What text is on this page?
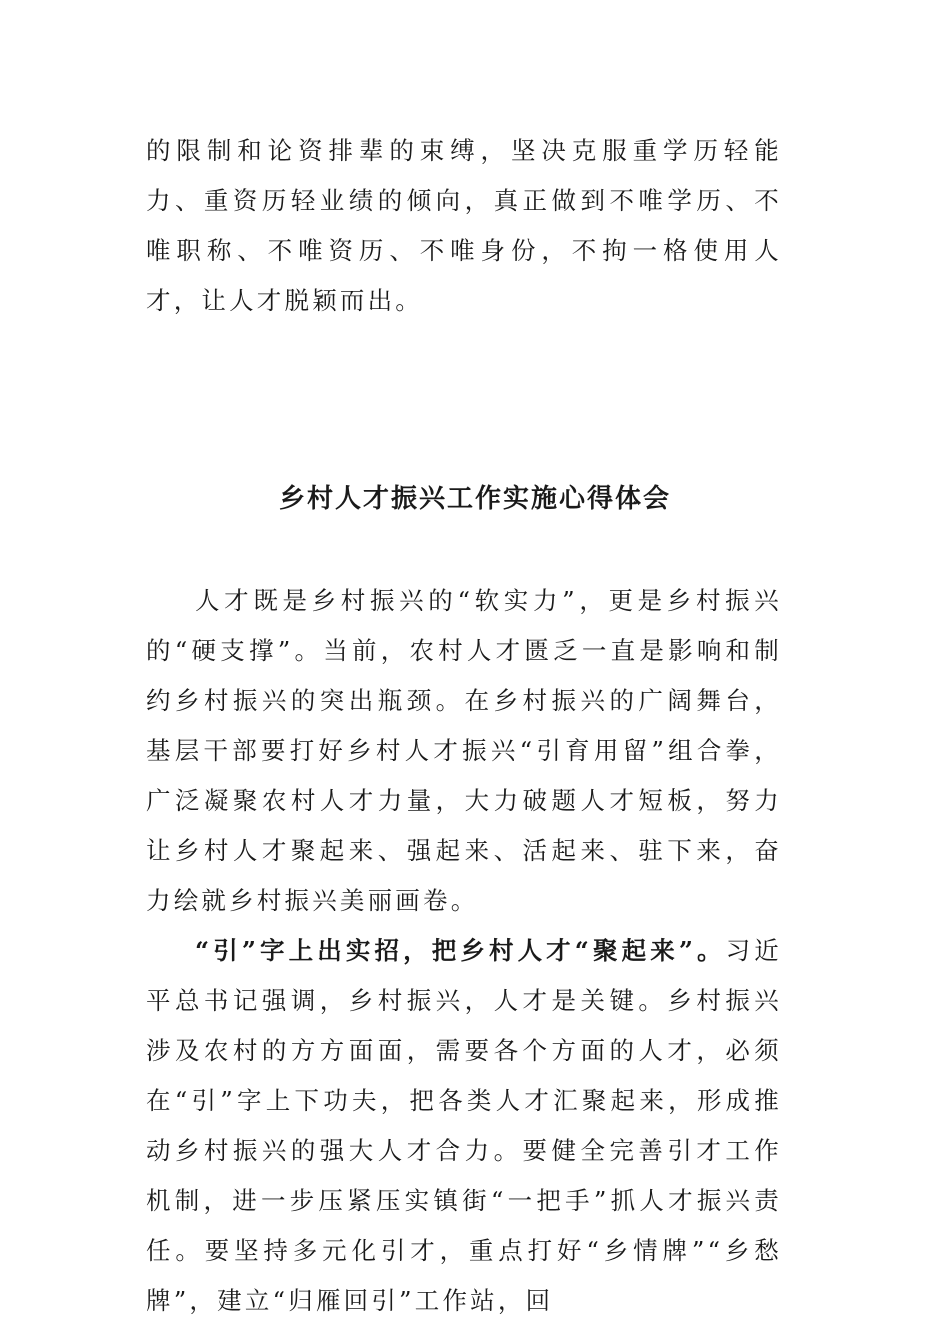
的限制和论资排辈的束缚，坚决克服重学历轻能力、重资历轻业绩的倾向，真正做到不唯学历、不唯职称、不唯资历、不唯身份，不拘一格使用人才，让人才脱颖而出。

乡村人才振兴工作实施心得体会

人才既是乡村振兴的“软实力”，更是乡村振兴的“硬支撑”。当前，农村人才匮乏一直是影响和制约乡村振兴的突出瓶颈。在乡村振兴的广阔舞台，基层干部要打好乡村人才振兴“引育用留”组合拳，广泛凝聚农村人才力量，大力破题人才短板，努力让乡村人才聚起来、强起来、活起来、驻下来，奋力绘就乡村振兴美丽画卷。

“引”字上出实招，把乡村人才“聚起来”。习近平总书记强调，乡村振兴，人才是关键。乡村振兴涉及农村的方方面面，需要各个方面的人才，必须在“引”字上下功夫，把各类人才汇聚起来，形成推动乡村振兴的强大人才合力。要健全完善引才工作机制，进一步压紧压实镇街“一把手”抓人才振兴责任。要坚持多元化引才，重点打好“乡情牌”“乡愁牌”，建立“归雁回引”工作站，回
